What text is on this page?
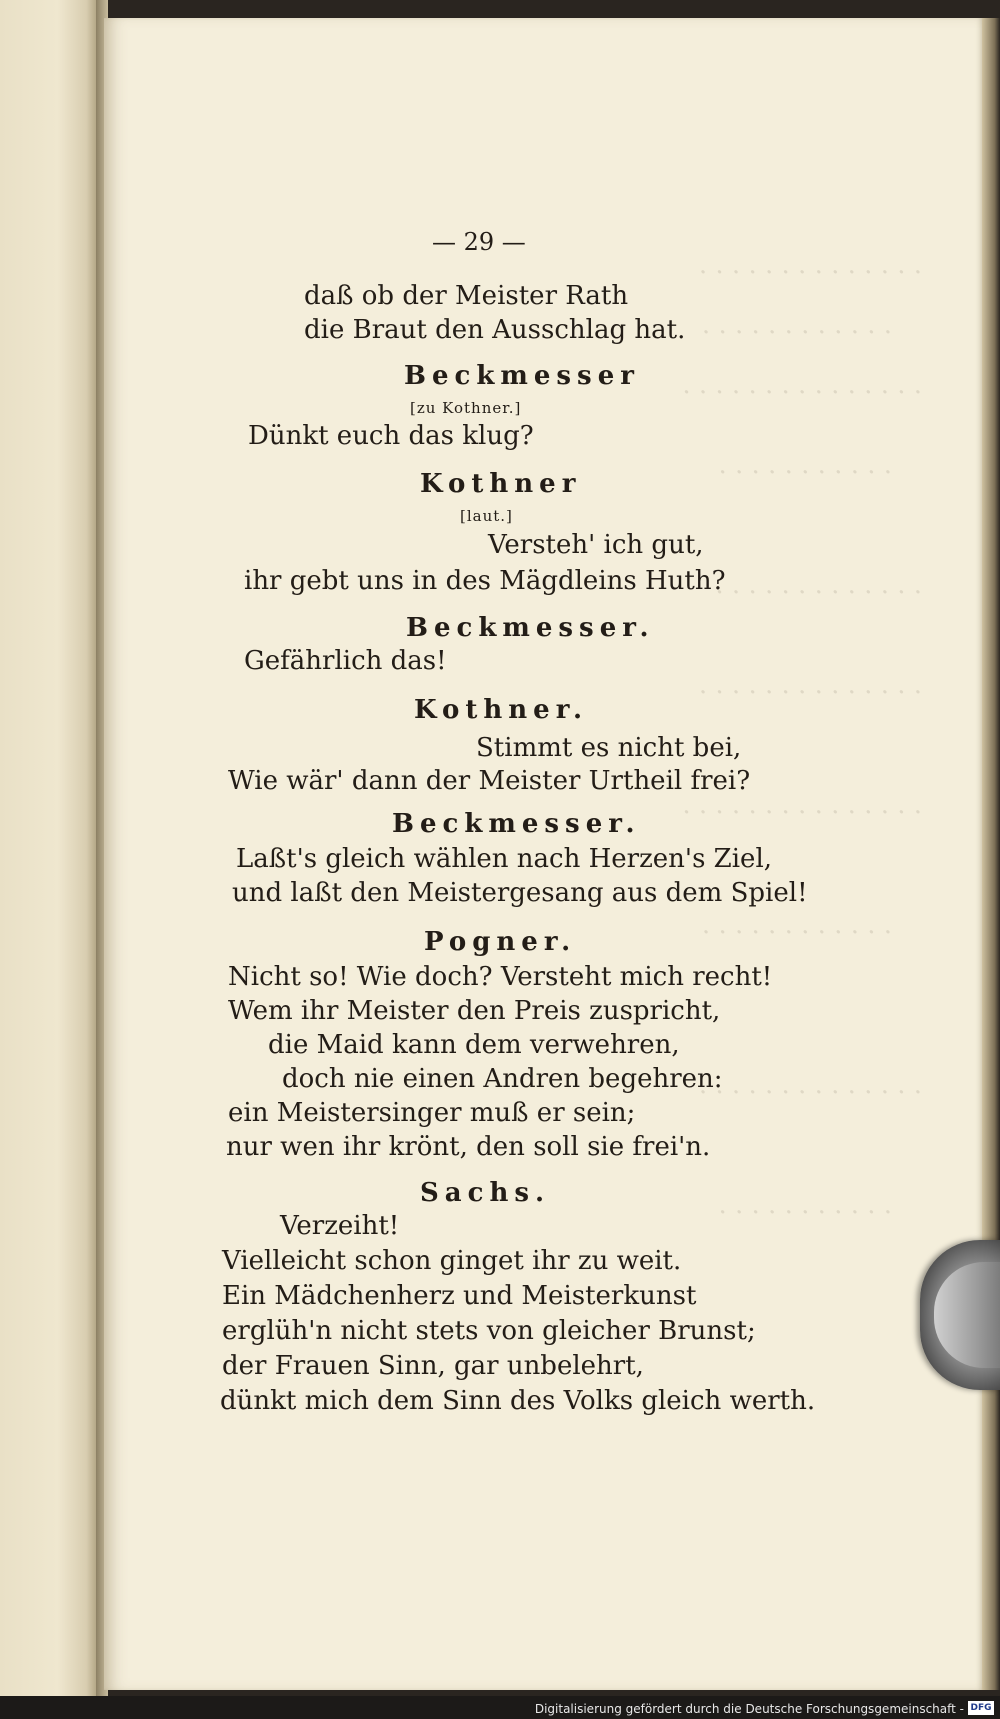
— 29 —
daß ob der Meister Rath
die Braut den Ausschlag hat.
Beckmesser
[zu Kothner.]
Dünkt euch das klug?
Kothner
[laut.]
Versteh' ich gut,
ihr gebt uns in des Mägdleins Huth?
Beckmesser.
Gefährlich das!
Kothner.
Stimmt es nicht bei,
Wie wär' dann der Meister Urtheil frei?
Beckmesser.
Laßt's gleich wählen nach Herzen's Ziel,
und laßt den Meistergesang aus dem Spiel!
Pogner.
Nicht so! Wie doch? Versteht mich recht!
Wem ihr Meister den Preis zuspricht,
die Maid kann dem verwehren,
doch nie einen Andren begehren:
ein Meistersinger muß er sein;
nur wen ihr krönt, den soll sie frei'n.
Sachs.
Verzeiht!
Vielleicht schon ginget ihr zu weit.
Ein Mädchenherz und Meisterkunst
erglüh'n nicht stets von gleicher Brunst;
der Frauen Sinn, gar unbelehrt,
dünkt mich dem Sinn des Volks gleich werth.
Digitalisierung gefördert durch die Deutsche Forschungsgemeinschaft - DFG
